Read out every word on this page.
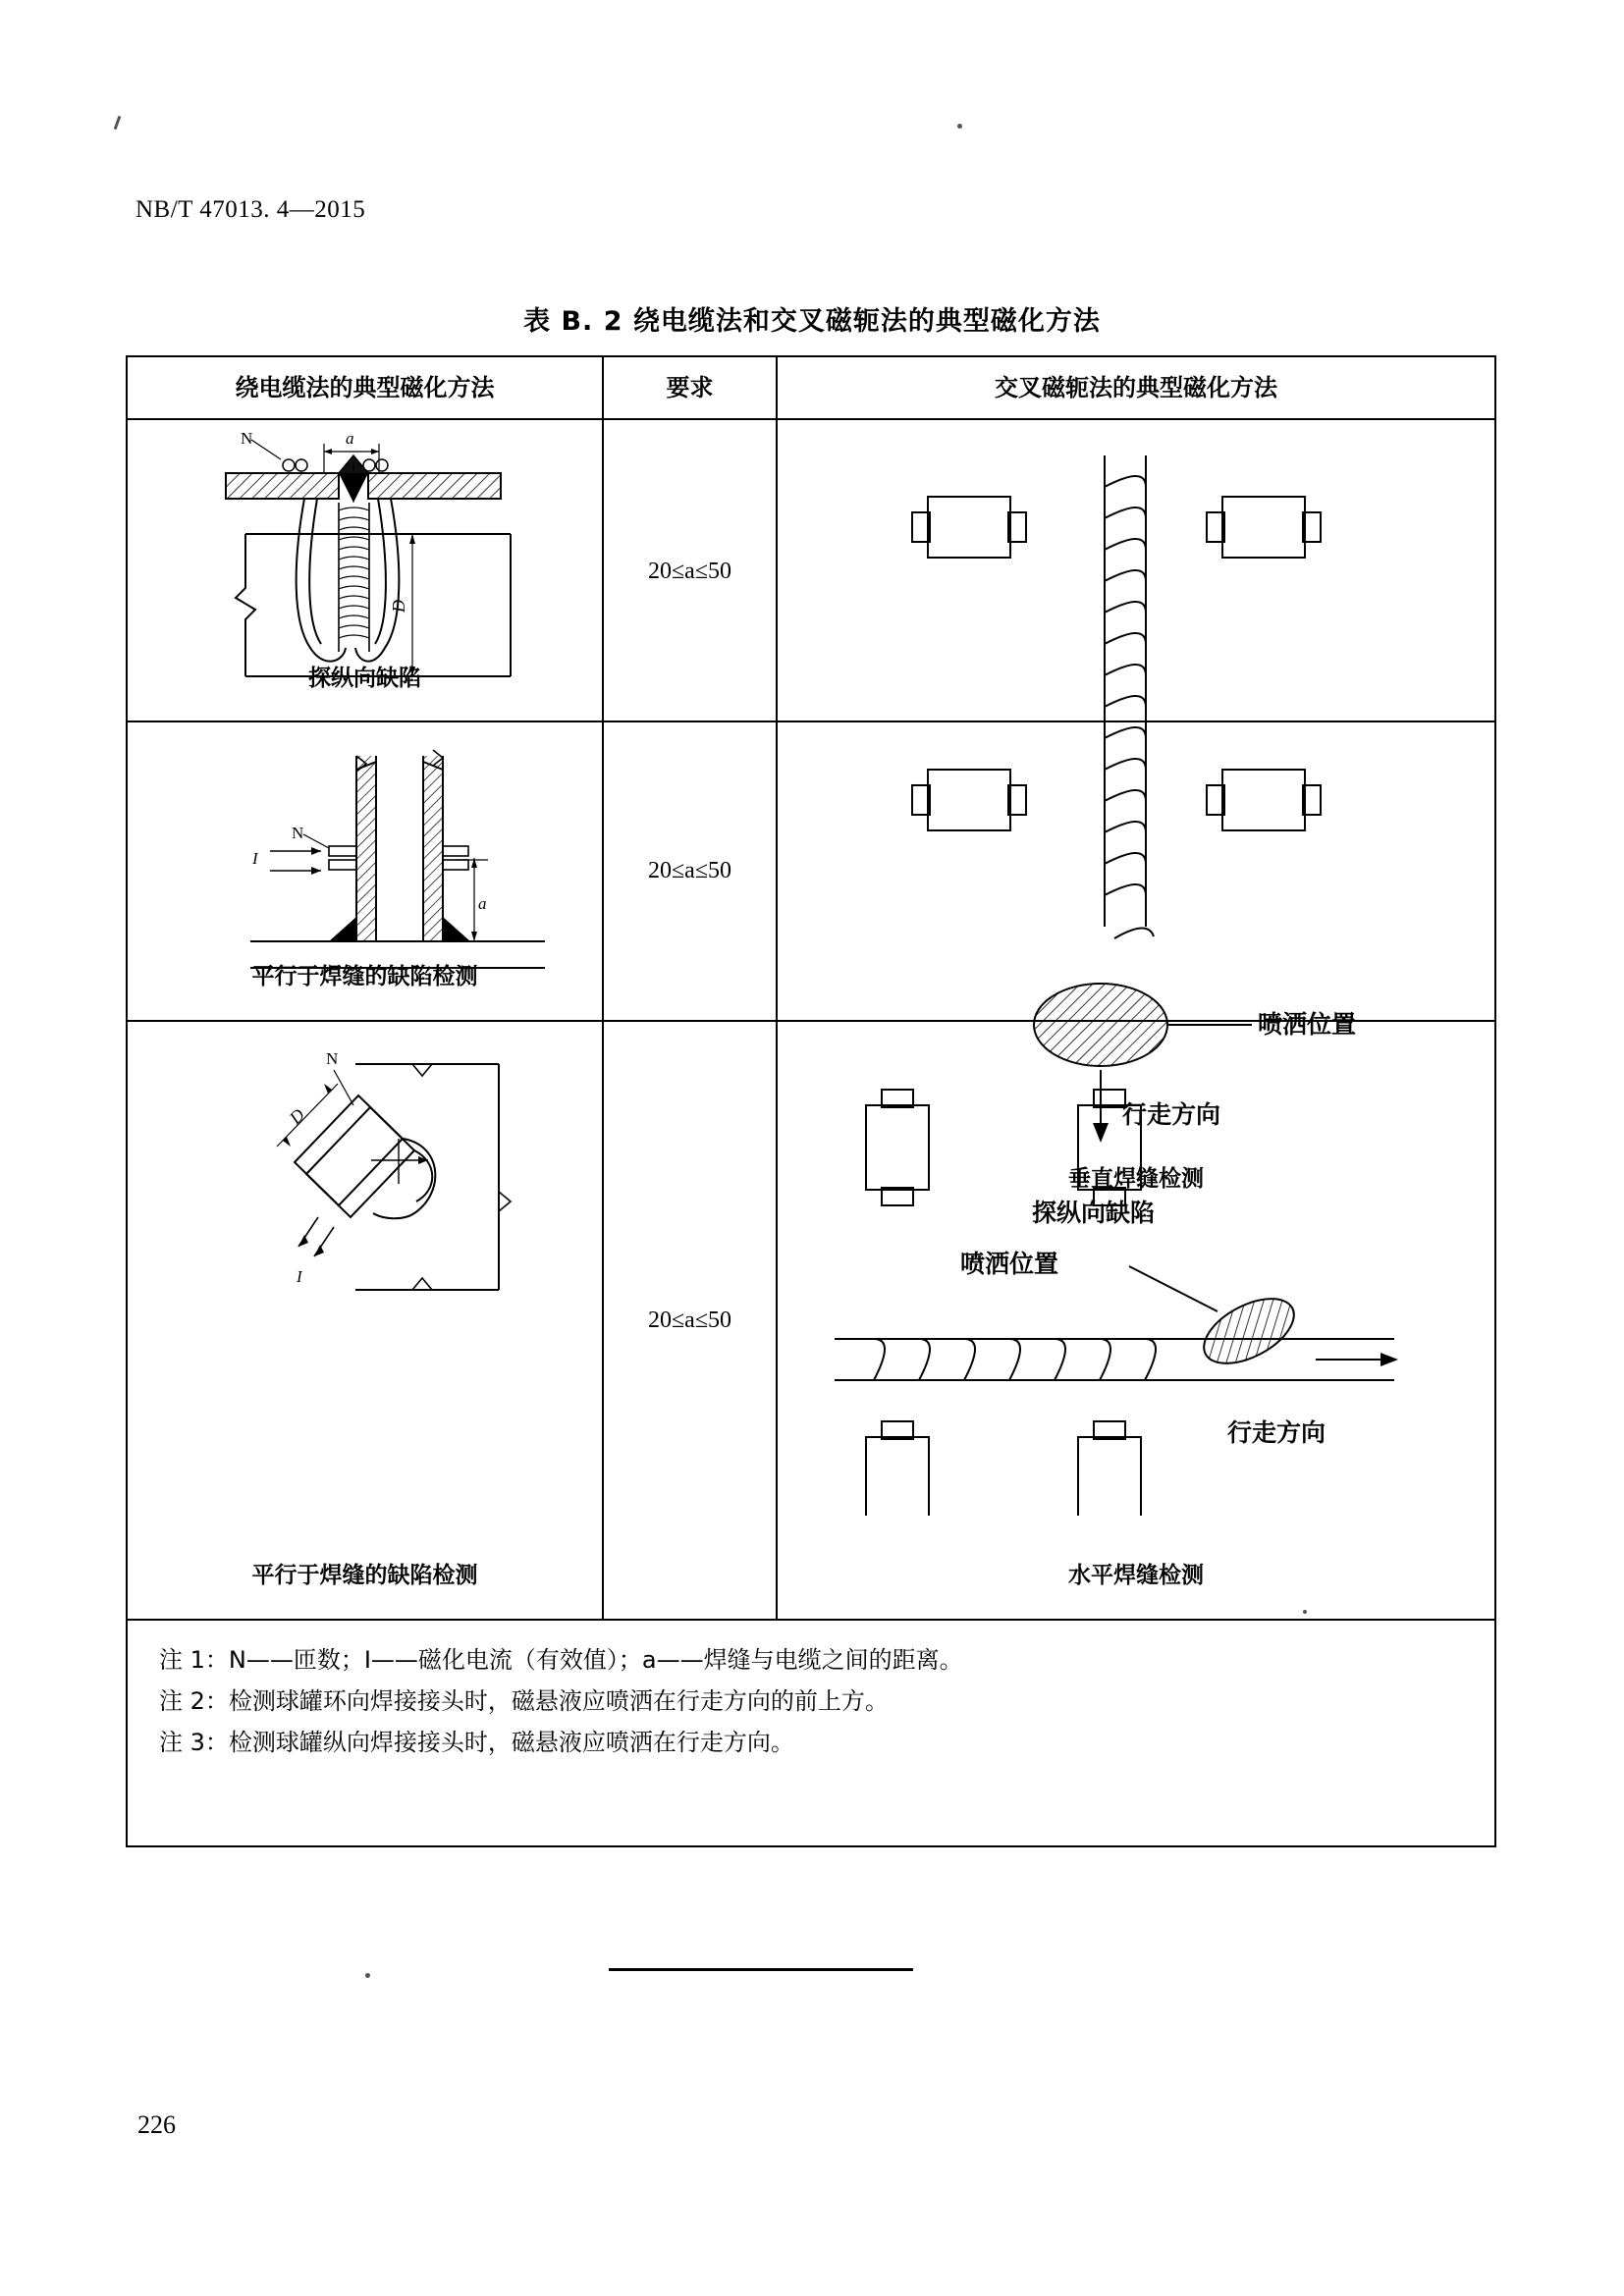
NB/T 47013. 4—2015
表 B. 2 绕电缆法和交叉磁轭法的典型磁化方法
绕电缆法的典型磁化方法	要求	交叉磁轭法的典型磁化方法
a
N
D
探纵向缺陷
20≤a≤50
20≤a≤50
20≤a≤50
N
I
a
平行于焊缝的缺陷检测
N
D
I
平行于焊缝的缺陷检测
喷洒位置
行走方向
探纵向缺陷
垂直焊缝检测
喷洒位置
行走方向
水平焊缝检测
注 1：N——匝数；I——磁化电流（有效值）；a——焊缝与电缆之间的距离。
注 2：检测球罐环向焊接接头时，磁悬液应喷洒在行走方向的前上方。
注 3：检测球罐纵向焊接接头时，磁悬液应喷洒在行走方向。
226
